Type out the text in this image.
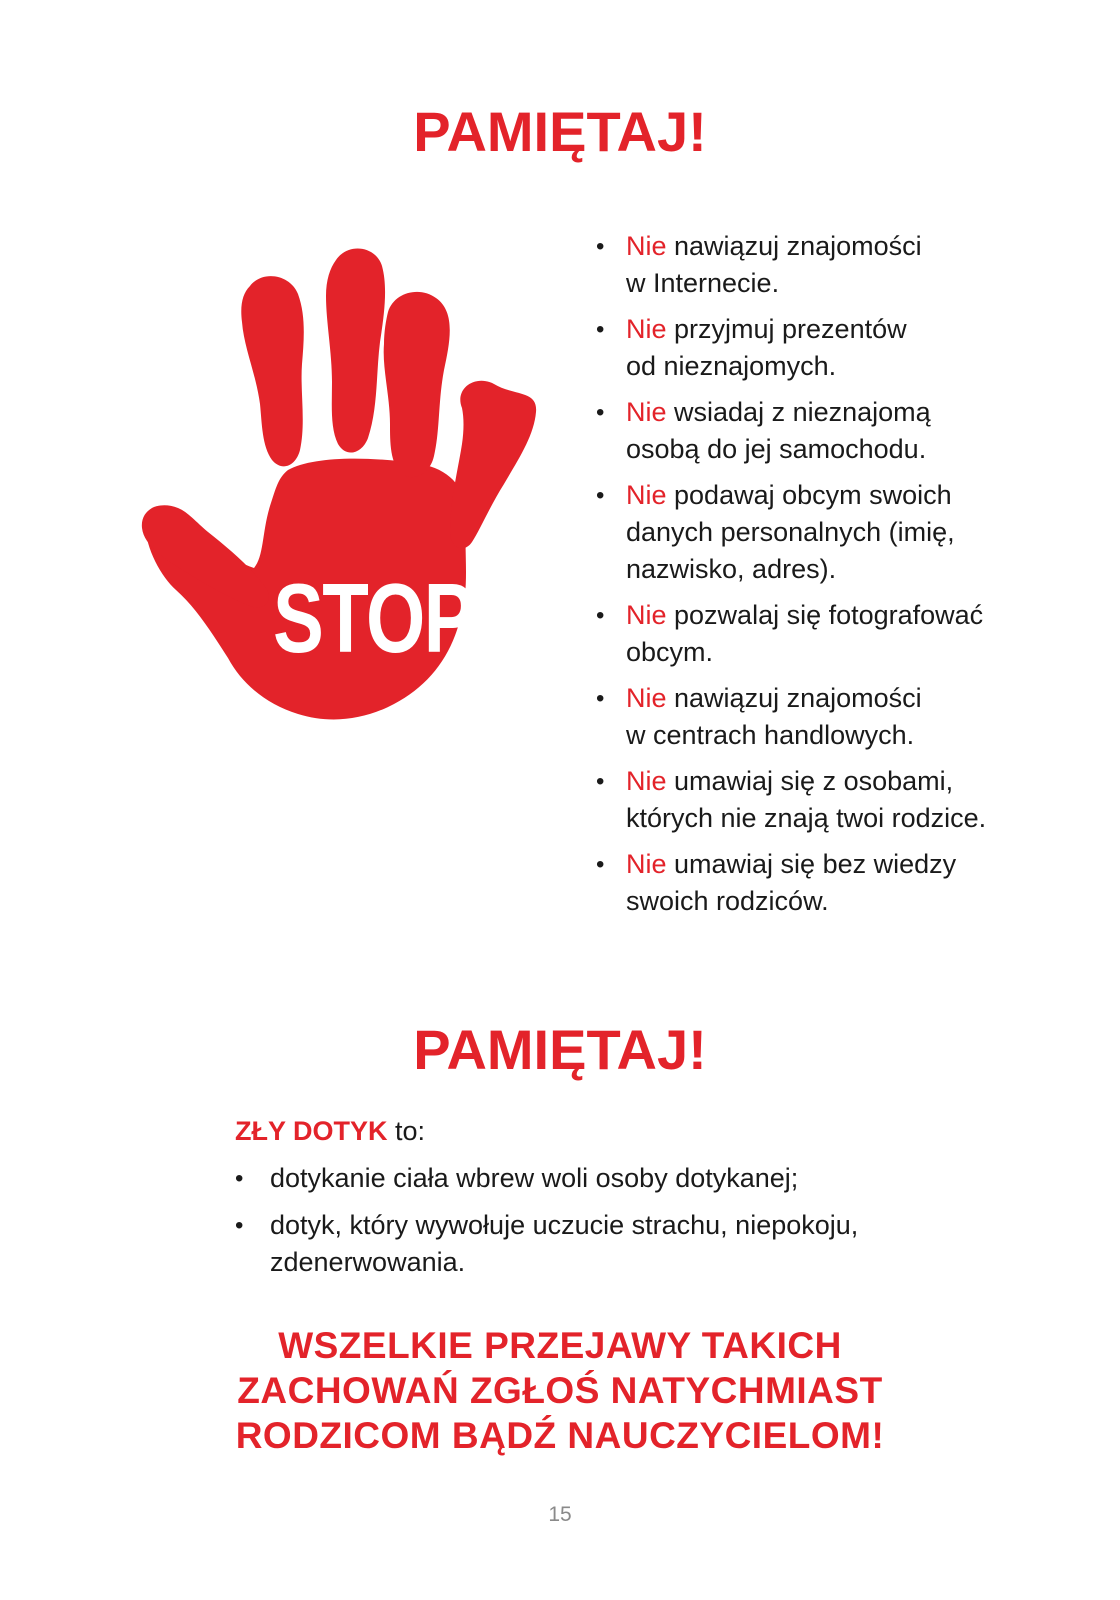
PAMIĘTAJ!
STOP
• Nie nawiązuj znajomości
w Internecie.
• Nie przyjmuj prezentów
od nieznajomych.
• Nie wsiadaj z nieznajomą
osobą do jej samochodu.
• Nie podawaj obcym swoich
danych personalnych (imię,
nazwisko, adres).
• Nie pozwalaj się fotografować
obcym.
• Nie nawiązuj znajomości
w centrach handlowych.
• Nie umawiaj się z osobami,
których nie znają twoi rodzice.
• Nie umawiaj się bez wiedzy
swoich rodziców.
PAMIĘTAJ!

ZŁY DOTYK to:

• dotykanie ciała wbrew woli osoby dotykanej;
• dotyk, który wywołuje uczucie strachu, niepokoju,
zdenerwowania.

WSZELKIE PRZEJAWY TAKICH
ZACHOWAŃ ZGŁOŚ NATYCHMIAST
RODZICOM BĄDŹ NAUCZYCIELOM!

15
